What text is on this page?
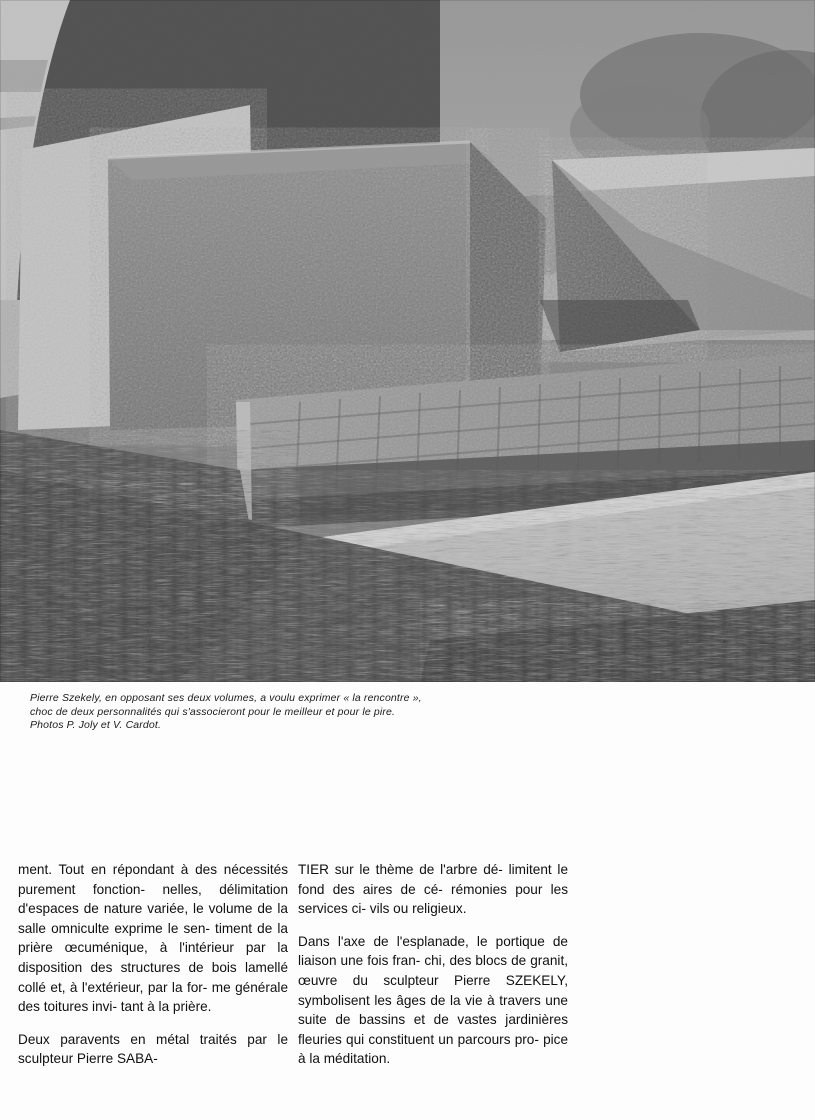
Pierre Szekely, en opposant ses deux volumes, a voulu exprimer « la rencontre »,
choc de deux personnalités qui s'associeront pour le meilleur et pour le pire.
Photos P. Joly et V. Cardot.

ment. Tout en répondant à des nécessités purement fonction- nelles, délimitation d'espaces de nature variée, le volume de la salle omniculte exprime le sen- timent de la prière œcuménique, à l'intérieur par la disposition des structures de bois lamellé collé et, à l'extérieur, par la for- me générale des toitures invi- tant à la prière.

Deux paravents en métal traités par le sculpteur Pierre SABA-

TIER sur le thème de l'arbre dé- limitent le fond des aires de cé- rémonies pour les services ci- vils ou religieux.

Dans l'axe de l'esplanade, le portique de liaison une fois fran- chi, des blocs de granit, œuvre du sculpteur Pierre SZEKELY, symbolisent les âges de la vie à travers une suite de bassins et de vastes jardinières fleuries qui constituent un parcours pro- pice à la méditation.
